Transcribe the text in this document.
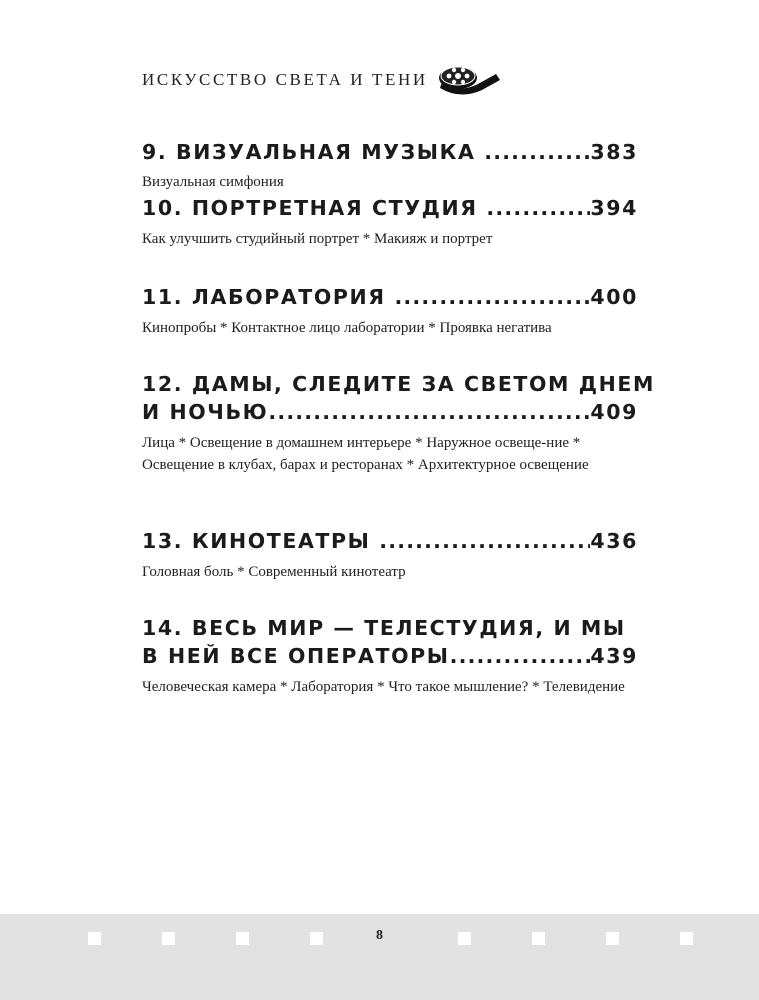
ИСКУССТВО СВЕТА И ТЕНИ
9. ВИЗУАЛЬНАЯ МУЗЫКА .....	383
Визуальная симфония
10. ПОРТРЕТНАЯ СТУДИЯ .....	394
Как улучшить студийный портрет * Макияж и портрет
11. ЛАБОРАТОРИЯ .....	400
Кинопробы * Контактное лицо лаборатории * Проявка негатива
12. ДАМЫ, СЛЕДИТЕ ЗА СВЕТОМ ДНЕМ
И НОЧЬЮ .....	409
Лица * Освещение в домашнем интерьере * Наружное освеще-ние * Освещение в клубах, барах и ресторанах * Архитектурное освещение
13. КИНОТЕАТРЫ .....	436
Головная боль * Современный кинотеатр
14. ВЕСЬ МИР — ТЕЛЕСТУДИЯ, И МЫ
В НЕЙ ВСЕ ОПЕРАТОРЫ .....	439
Человеческая камера * Лаборатория * Что такое мышление? * Телевидение
8
